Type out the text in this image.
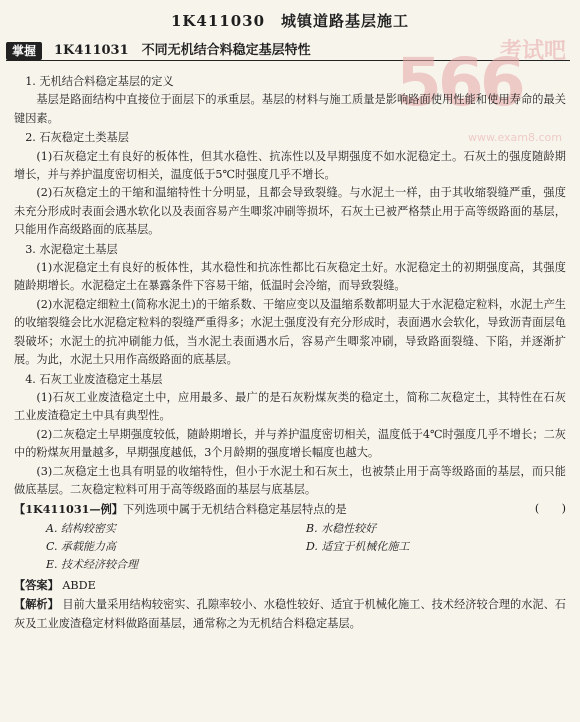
1K411030　城镇道路基层施工
掌握	1K411031　不同无机结合料稳定基层特性 566
考试吧
www.exam8.com

1. 无机结合料稳定基层的定义

基层是路面结构中直接位于面层下的承重层。基层的材料与施工质量是影响路面使用性能和使用寿命的最关键因素。

2. 石灰稳定土类基层

(1)石灰稳定土有良好的板体性，但其水稳性、抗冻性以及早期强度不如水泥稳定土。石灰土的强度随龄期增长，并与养护温度密切相关，温度低于5℃时强度几乎不增长。

(2)石灰稳定土的干缩和温缩特性十分明显，且都会导致裂缝。与水泥土一样，由于其收缩裂缝严重，强度未充分形成时表面会遇水软化以及表面容易产生唧浆冲刷等损坏，石灰土已被严格禁止用于高等级路面的基层，只能用作高级路面的底基层。

3. 水泥稳定土基层

(1)水泥稳定土有良好的板体性，其水稳性和抗冻性都比石灰稳定土好。水泥稳定土的初期强度高，其强度随龄期增长。水泥稳定土在暴露条件下容易干缩，低温时会冷缩，而导致裂缝。

(2)水泥稳定细粒土(简称水泥土)的干缩系数、干缩应变以及温缩系数都明显大于水泥稳定粒料，水泥土产生的收缩裂缝会比水泥稳定粒料的裂缝严重得多；水泥土强度没有充分形成时，表面遇水会软化，导致沥青面层龟裂破坏；水泥土的抗冲刷能力低，当水泥土表面遇水后，容易产生唧浆冲刷，导致路面裂缝、下陷，并逐渐扩展。为此，水泥土只用作高级路面的底基层。

4. 石灰工业废渣稳定土基层

(1)石灰工业废渣稳定土中，应用最多、最广的是石灰粉煤灰类的稳定土，简称二灰稳定土，其特性在石灰工业废渣稳定土中具有典型性。

(2)二灰稳定土早期强度较低，随龄期增长，并与养护温度密切相关，温度低于4℃时强度几乎不增长；二灰中的粉煤灰用量越多，早期强度越低，3个月龄期的强度增长幅度也越大。

(3)二灰稳定土也具有明显的收缩特性，但小于水泥土和石灰土，也被禁止用于高等级路面的基层，而只能做底基层。二灰稳定粒料可用于高等级路面的基层与底基层。

【1K411031—例】下列选项中属于无机结合料稳定基层特点的是	(　　)

A. 结构较密实	B. 水稳性较好
C. 承载能力高	D. 适宜于机械化施工
E. 技术经济较合理

【答案】 ABDE

【解析】 目前大量采用结构较密实、孔隙率较小、水稳性较好、适宜于机械化施工、技术经济较合理的水泥、石灰及工业废渣稳定材料做路面基层，通常称之为无机结合料稳定基层。
